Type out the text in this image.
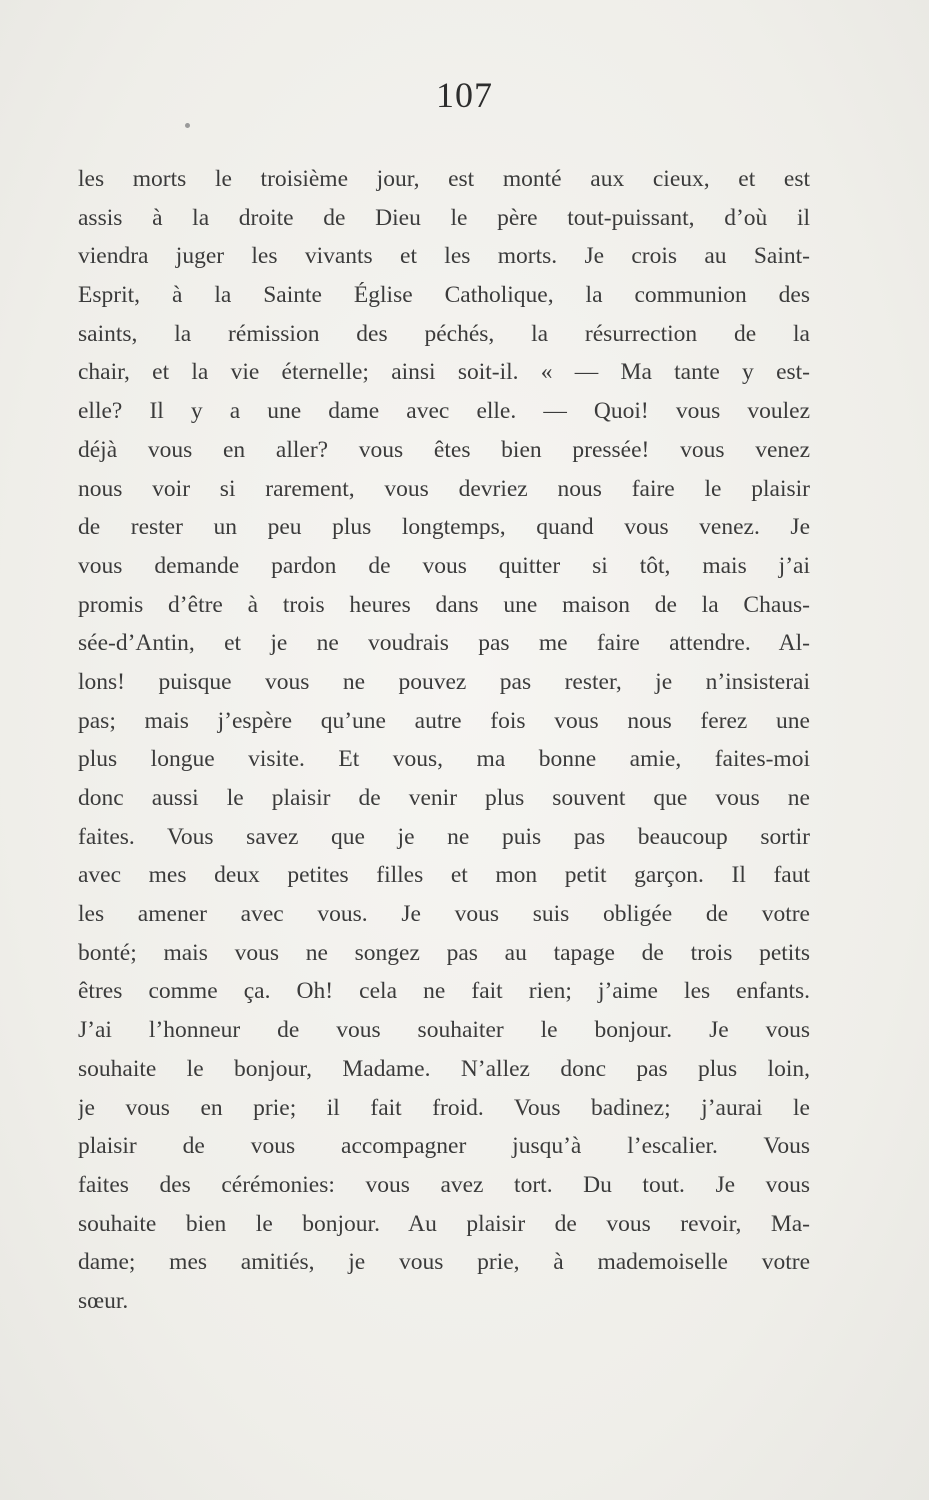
107
les morts le troisième jour, est monté aux cieux, et est
assis à la droite de Dieu le père tout-puissant, d’où il
viendra juger les vivants et les morts. Je crois au Saint-
Esprit, à la Sainte Église Catholique, la communion des
saints, la rémission des péchés, la résurrection de la
chair, et la vie éternelle; ainsi soit-il. « — Ma tante y est-
elle? Il y a une dame avec elle. — Quoi! vous voulez
déjà vous en aller? vous êtes bien pressée! vous venez
nous voir si rarement, vous devriez nous faire le plaisir
de rester un peu plus longtemps, quand vous venez. Je
vous demande pardon de vous quitter si tôt, mais j’ai
promis d’être à trois heures dans une maison de la Chaus-
sée-d’Antin, et je ne voudrais pas me faire attendre. Al-
lons! puisque vous ne pouvez pas rester, je n’insisterai
pas; mais j’espère qu’une autre fois vous nous ferez une
plus longue visite. Et vous, ma bonne amie, faites-moi
donc aussi le plaisir de venir plus souvent que vous ne
faites. Vous savez que je ne puis pas beaucoup sortir
avec mes deux petites filles et mon petit garçon. Il faut
les amener avec vous. Je vous suis obligée de votre
bonté; mais vous ne songez pas au tapage de trois petits
êtres comme ça. Oh! cela ne fait rien; j’aime les enfants.
J’ai l’honneur de vous souhaiter le bonjour. Je vous
souhaite le bonjour, Madame. N’allez donc pas plus loin,
je vous en prie; il fait froid. Vous badinez; j’aurai le
plaisir de vous accompagner jusqu’à l’escalier. Vous
faites des cérémonies: vous avez tort. Du tout. Je vous
souhaite bien le bonjour. Au plaisir de vous revoir, Ma-
dame; mes amitiés, je vous prie, à mademoiselle votre
sœur.
